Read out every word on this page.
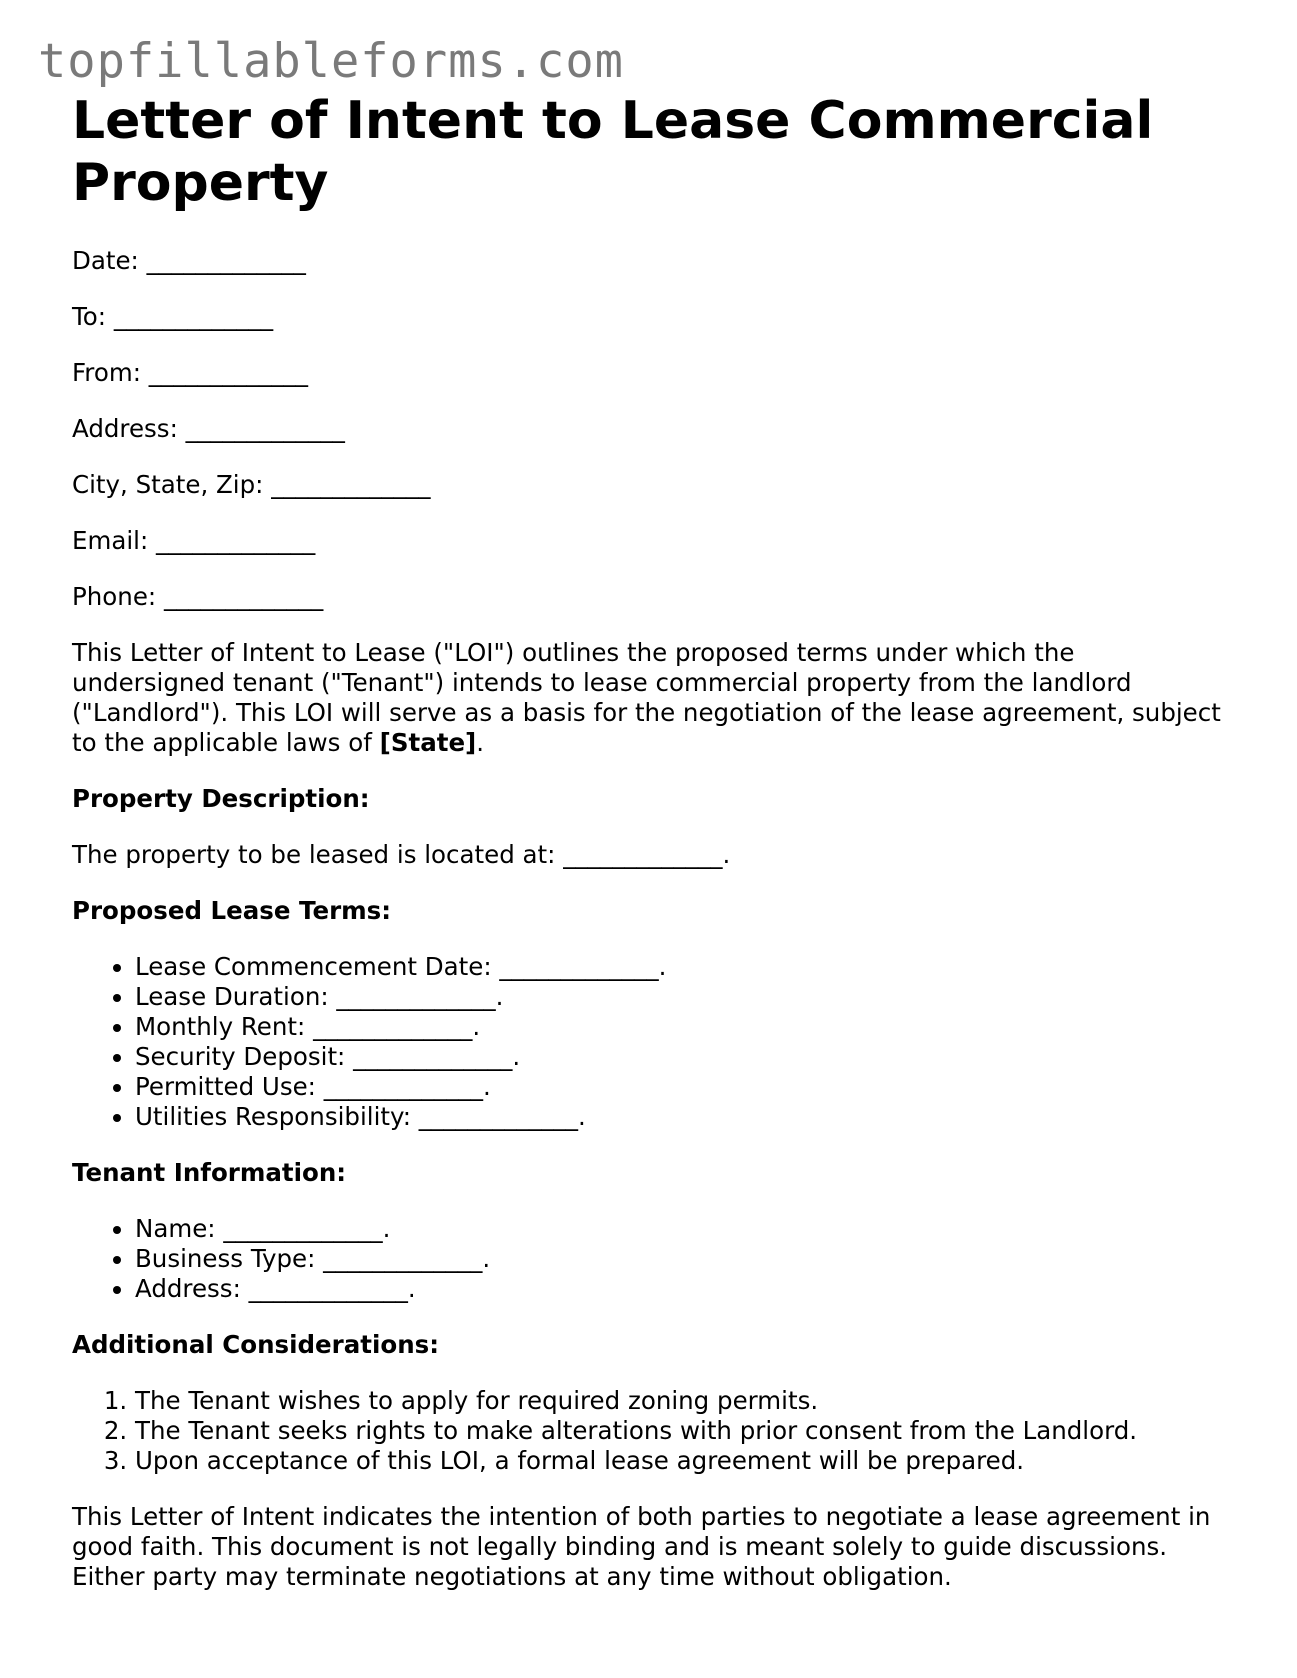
topfillableforms.com
Letter of Intent to Lease Commercial Property
Date: _____________
To: _____________
From: _____________
Address: _____________
City, State, Zip: _____________
Email: _____________
Phone: _____________

This Letter of Intent to Lease ("LOI") outlines the proposed terms under which the undersigned tenant ("Tenant") intends to lease commercial property from the landlord ("Landlord"). This LOI will serve as a basis for the negotiation of the lease agreement, subject to the applicable laws of [State].

Property Description:

The property to be leased is located at: _____________.

Proposed Lease Terms:
• Lease Commencement Date: _____________.
• Lease Duration: _____________.
• Monthly Rent: _____________.
• Security Deposit: _____________.
• Permitted Use: _____________.
• Utilities Responsibility: _____________.
Tenant Information:
• Name: _____________.
• Business Type: _____________.
• Address: _____________.
Additional Considerations:
1. The Tenant wishes to apply for required zoning permits.
2. The Tenant seeks rights to make alterations with prior consent from the Landlord.
3. Upon acceptance of this LOI, a formal lease agreement will be prepared.

This Letter of Intent indicates the intention of both parties to negotiate a lease agreement in good faith. This document is not legally binding and is meant solely to guide discussions. Either party may terminate negotiations at any time without obligation.
